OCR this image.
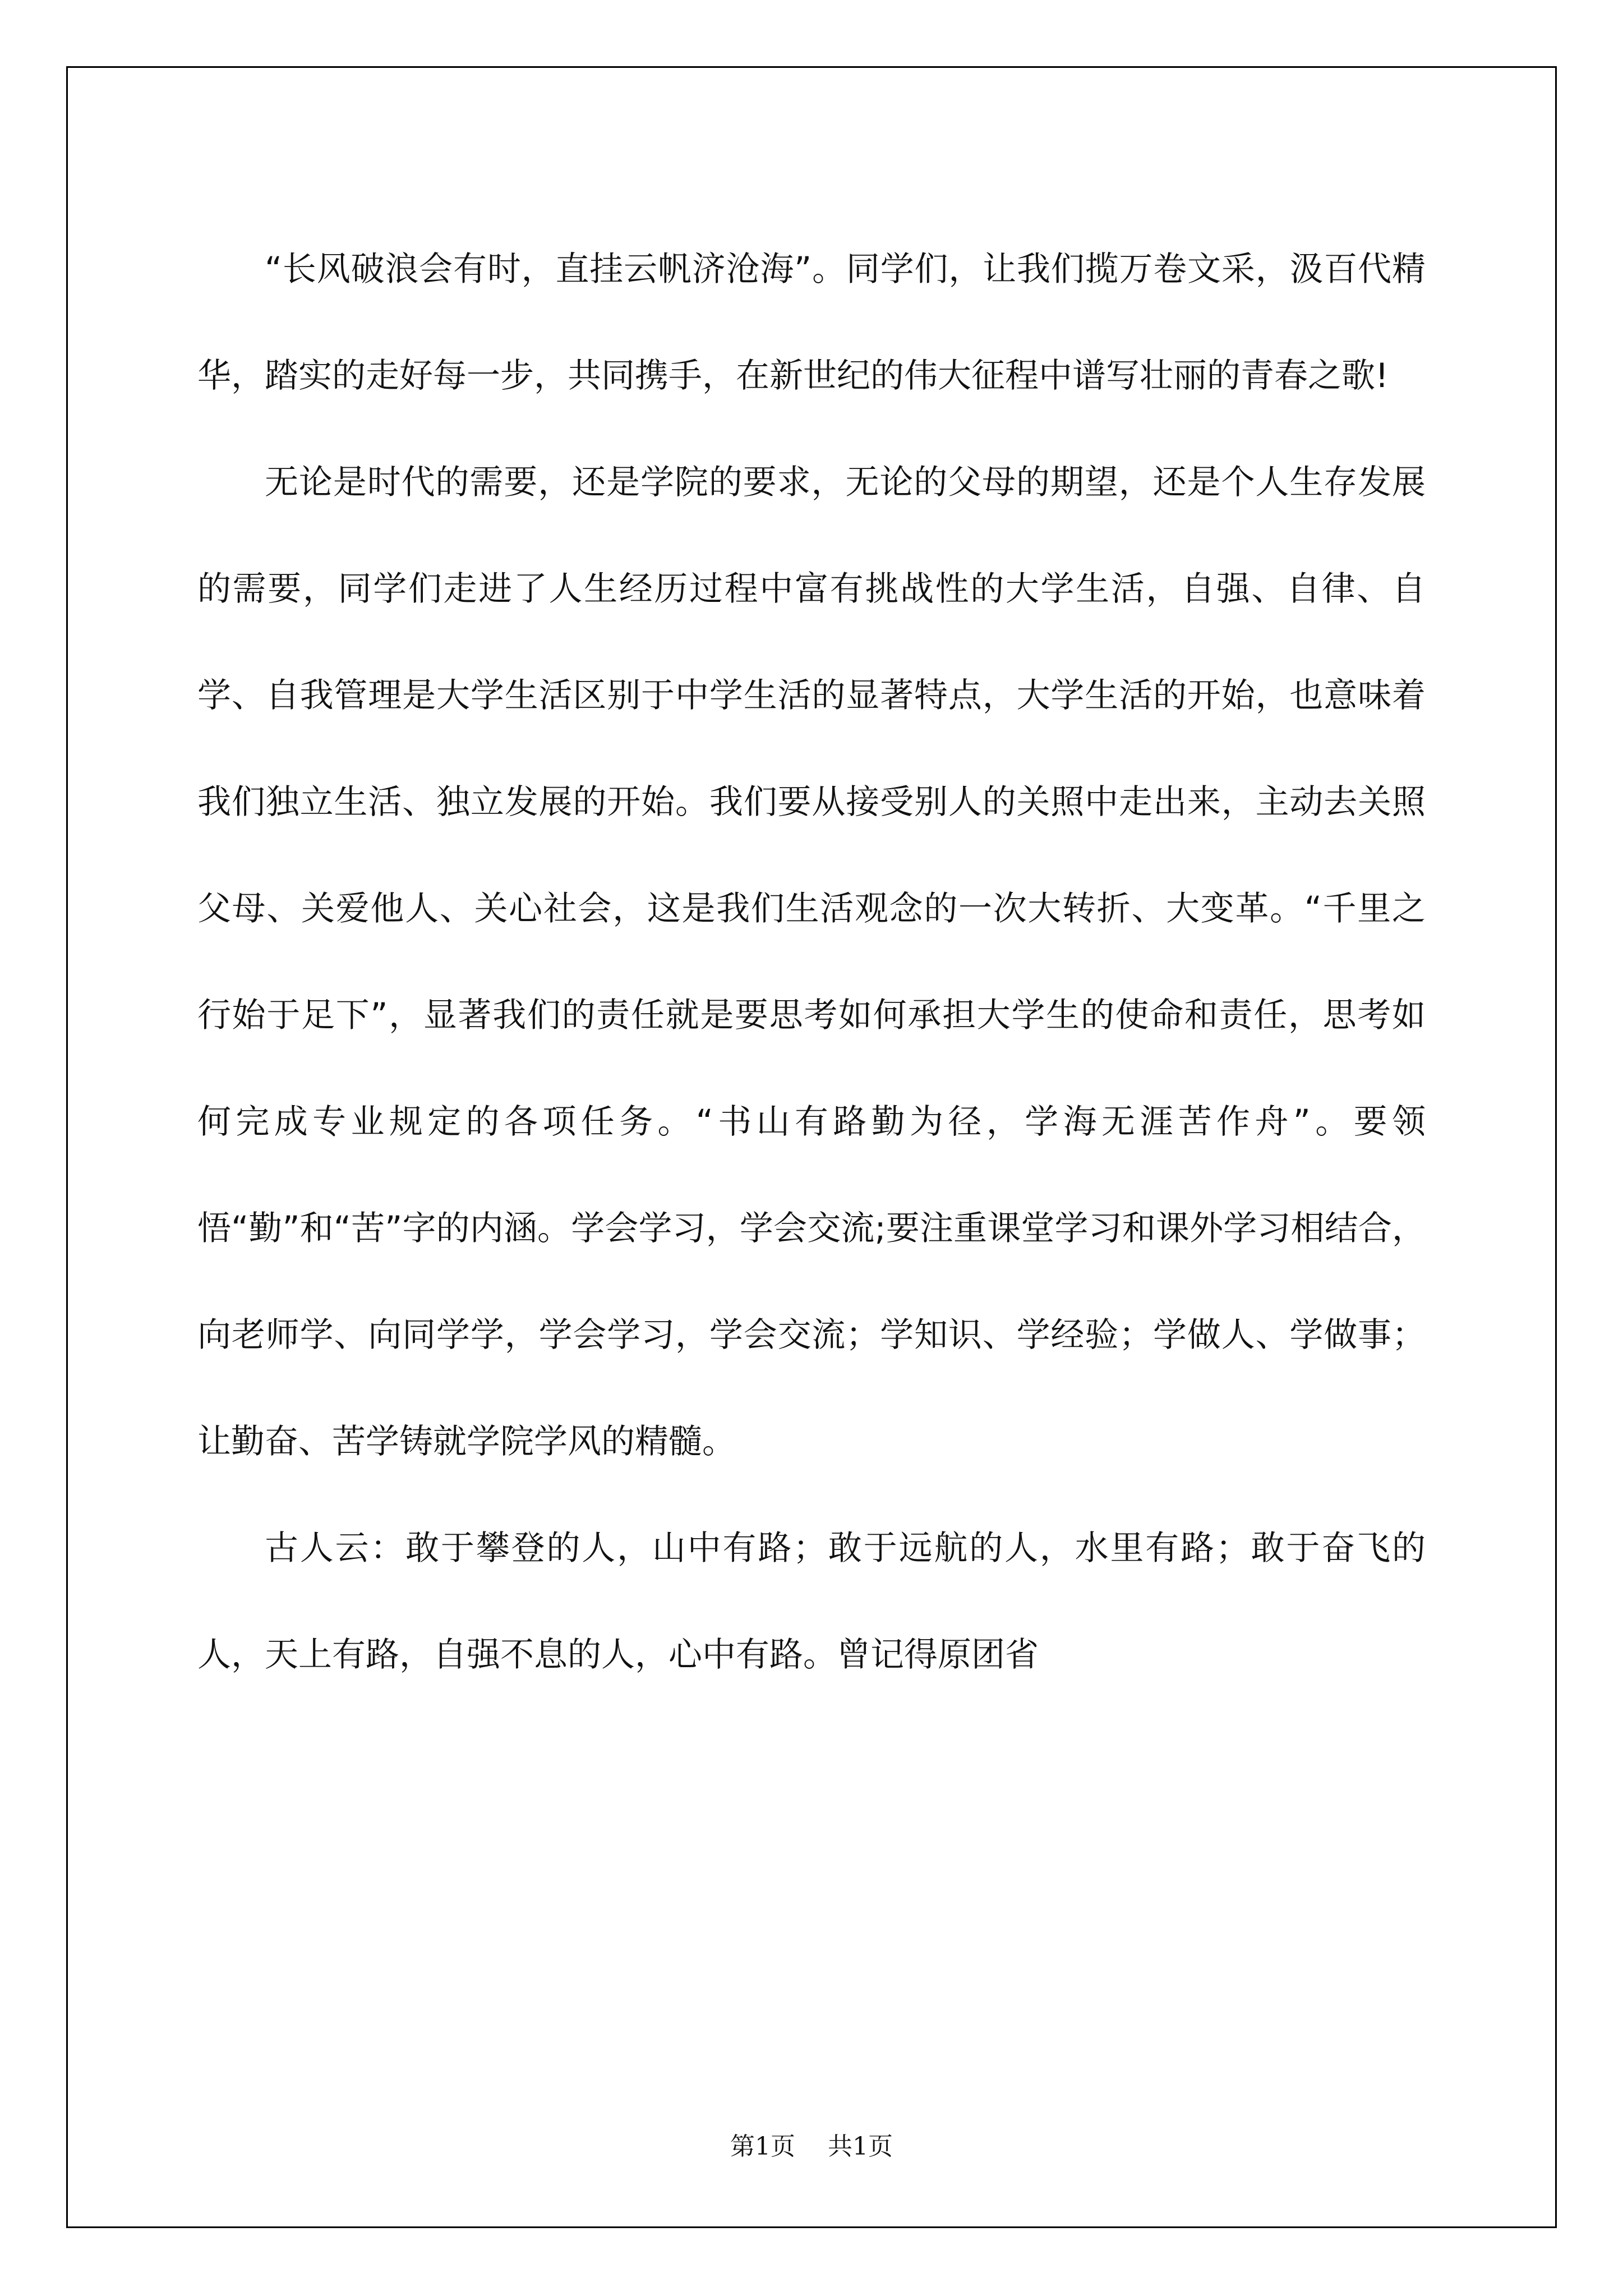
“长风破浪会有时，直挂云帆济沧海”。同学们，让我们揽万卷文采，汲百代精华，踏实的走好每一步，共同携手，在新世纪的伟大征程中谱写壮丽的青春之歌!

无论是时代的需要，还是学院的要求，无论的父母的期望，还是个人生存发展的需要，同学们走进了人生经历过程中富有挑战性的大学生活，自强、自律、自学、自我管理是大学生活区别于中学生活的显著特点，大学生活的开始，也意味着我们独立生活、独立发展的开始。我们要从接受别人的关照中走出来，主动去关照父母、关爱他人、关心社会，这是我们生活观念的一次大转折、大变革。“千里之行始于足下”，显著我们的责任就是要思考如何承担大学生的使命和责任，思考如何完成专业规定的各项任务。“书山有路勤为径，学海无涯苦作舟”。要领悟“勤”和“苦”字的内涵。学会学习，学会交流;要注重课堂学习和课外学习相结合，向老师学、向同学学，学会学习，学会交流；学知识、学经验；学做人、学做事；让勤奋、苦学铸就学院学风的精髓。

古人云：敢于攀登的人，山中有路；敢于远航的人，水里有路；敢于奋飞的人，天上有路，自强不息的人，心中有路。曾记得原团省

第1页 共1页
